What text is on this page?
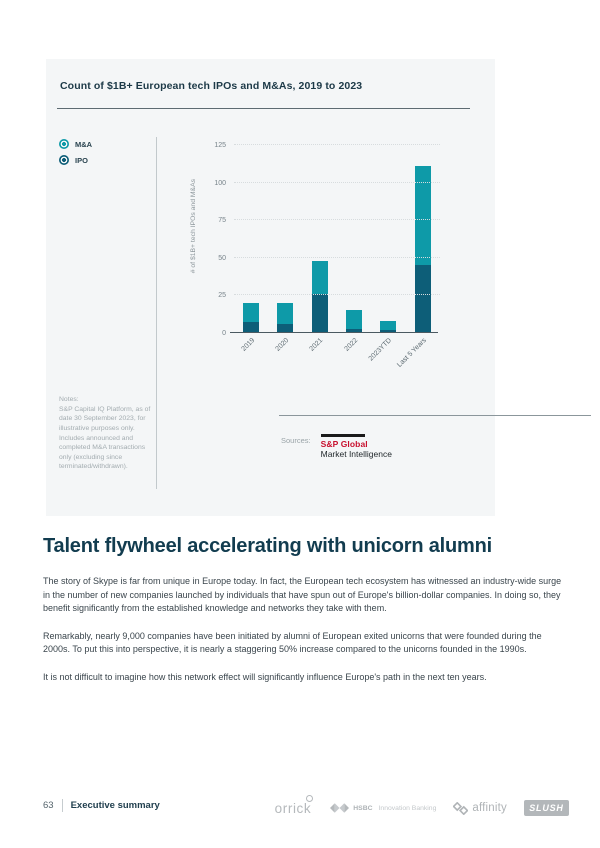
Count of $1B+ European tech IPOs and M&As, 2019 to 2023
M&A
IPO
Notes:
S&P Capital IQ Platform, as of date 30 September 2023, for illustrative purposes only. Includes announced and completed M&A transactions only (excluding since terminated/withdrawn).
# of $1B+ tech IPOs and M&As
0
25
50
75
100
125
2019	2020	2021	2022 2023YTD Last 5 Years
Sources: S&P Global
Market Intelligence
Talent flywheel accelerating with unicorn alumni

The story of Skype is far from unique in Europe today. In fact, the European tech ecosystem has witnessed an industry-wide surge in the number of new companies launched by individuals that have spun out of Europe's billion-dollar companies. In doing so, they benefit significantly from the established knowledge and networks they take with them.

Remarkably, nearly 9,000 companies have been initiated by alumni of European exited unicorns that were founded during the 2000s. To put this into perspective, it is nearly a staggering 50% increase compared to the unicorns founded in the 1990s.

It is not difficult to imagine how this network effect will significantly influence Europe's path in the next ten years.

63 Executive summary	orrick	HSBC Innovation Banking	affinity SLUSH
